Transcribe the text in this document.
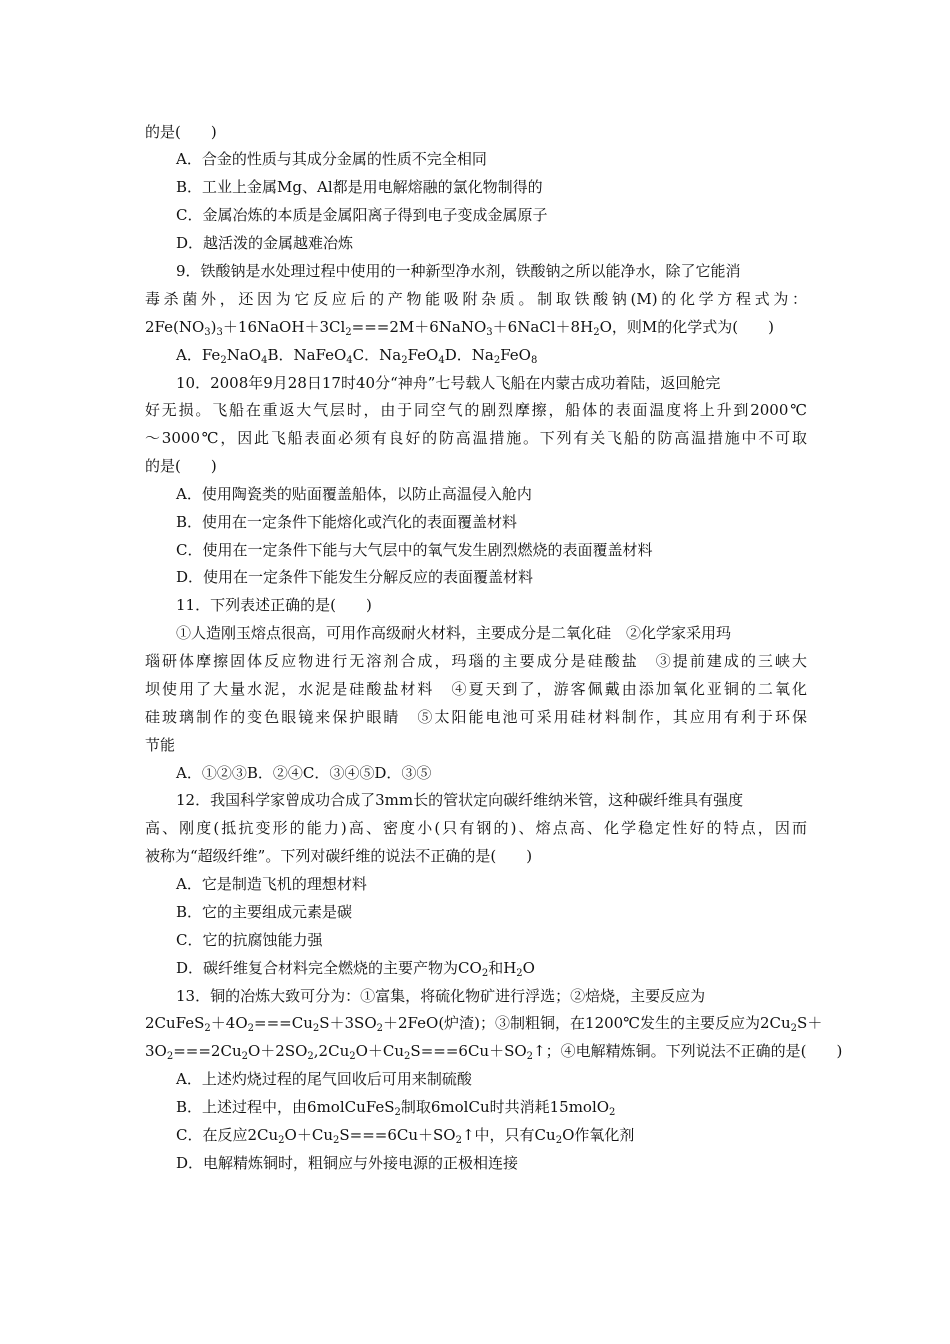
的是(　　)

A．合金的性质与其成分金属的性质不完全相同

B．工业上金属Mg、Al都是用电解熔融的氯化物制得的

C．金属冶炼的本质是金属阳离子得到电子变成金属原子

D．越活泼的金属越难冶炼

9．铁酸钠是水处理过程中使用的一种新型净水剂，铁酸钠之所以能净水，除了它能消

毒杀菌外，还因为它反应后的产物能吸附杂质。制取铁酸钠(M)的化学方程式为：

$2Fe(NO_3)_3+16NaOH+3Cl_2===2M+6NaNO_3+6NaCl+8H_2O$，则M的化学式为(　　)

A．$Fe_2NaO_4B$．NaFeO$_4$C．$Na_2FeO_4D$．$Na_2FeO_8$

10．2008年9月28日17时40分“神舟”七号载人飞船在内蒙古成功着陆，返回舱完

好无损。飞船在重返大气层时，由于同空气的剧烈摩擦，船体的表面温度将上升到2000℃

～3000℃，因此飞船表面必须有良好的防高温措施。下列有关飞船的防高温措施中不可取

的是(　　)

A．使用陶瓷类的贴面覆盖船体，以防止高温侵入舱内

B．使用在一定条件下能熔化或汽化的表面覆盖材料

C．使用在一定条件下能与大气层中的氧气发生剧烈燃烧的表面覆盖材料

D．使用在一定条件下能发生分解反应的表面覆盖材料

11．下列表述正确的是(　　)

①人造刚玉熔点很高，可用作高级耐火材料，主要成分是二氧化硅　②化学家采用玛

瑙研体摩擦固体反应物进行无溶剂合成，玛瑙的主要成分是硅酸盐　③提前建成的三峡大

坝使用了大量水泥，水泥是硅酸盐材料　④夏天到了，游客佩戴由添加氧化亚铜的二氧化

硅玻璃制作的变色眼镜来保护眼睛　⑤太阳能电池可采用硅材料制作，其应用有利于环保

节能

A．①②③B．②④C．③④⑤D．③⑤

12．我国科学家曾成功合成了3mm长的管状定向碳纤维纳米管，这种碳纤维具有强度

高、刚度(抵抗变形的能力)高、密度小(只有钢的)、熔点高、化学稳定性好的特点，因而

被称为“超级纤维”。下列对碳纤维的说法不正确的是(　　)

A．它是制造飞机的理想材料

B．它的主要组成元素是碳

C．它的抗腐蚀能力强

D．碳纤维复合材料完全燃烧的主要产物为$CO_2$和$H_2O$

13．铜的冶炼大致可分为：①富集，将硫化物矿进行浮选；②焙烧，主要反应为

$2CuFeS_2+4O_2===Cu_2S+3SO_2+2FeO$(炉渣)；③制粗铜，在1200℃发生的主要反应为$2Cu_2S+$

$3O_2===2Cu_2O+2SO_2,2Cu_2O+Cu_2S===6Cu+SO_2↑$；④电解精炼铜。下列说法不正确的是(　　)

A．上述灼烧过程的尾气回收后可用来制硫酸

B．上述过程中，由6molCuFeS$_2$制取6molCu时共消耗15molO$_2$

C．在反应$2Cu_2O+Cu_2S===6Cu+SO_2↑$中，只有$Cu_2O$作氧化剂

D．电解精炼铜时，粗铜应与外接电源的正极相连接
